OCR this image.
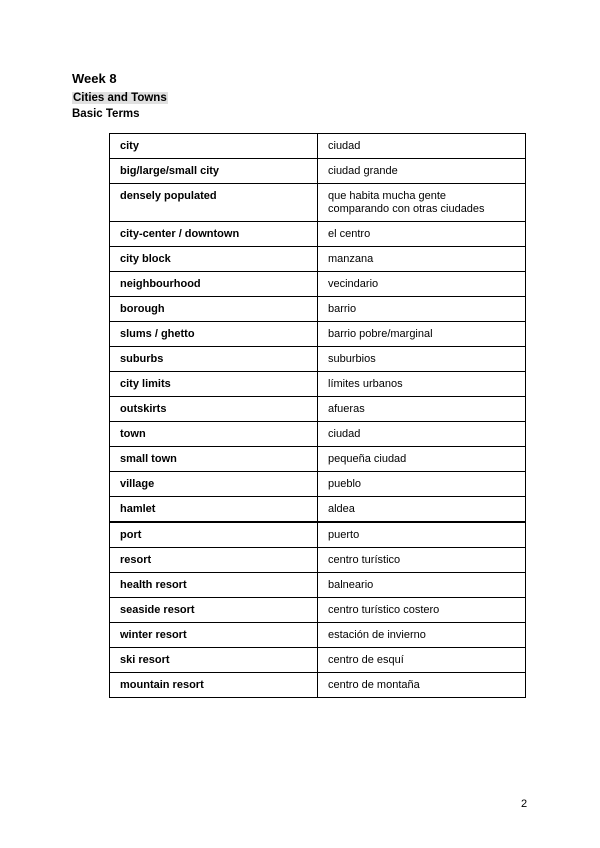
Week 8
Cities and Towns
Basic Terms
city	ciudad
big/large/small city	ciudad grande
densely populated	que habita mucha gente
comparando con otras ciudades
city-center / downtown	el centro
city block	manzana
neighbourhood	vecindario
borough	barrio
slums / ghetto	barrio pobre/marginal
suburbs	suburbios
city limits	límites urbanos
outskirts	afueras
town	ciudad
small town	pequeña ciudad
village	pueblo
hamlet	aldea
port	puerto
resort	centro turístico
health resort	balneario
seaside resort	centro turístico costero
winter resort	estación de invierno
ski resort	centro de esquí
mountain resort	centro de montaña
2
